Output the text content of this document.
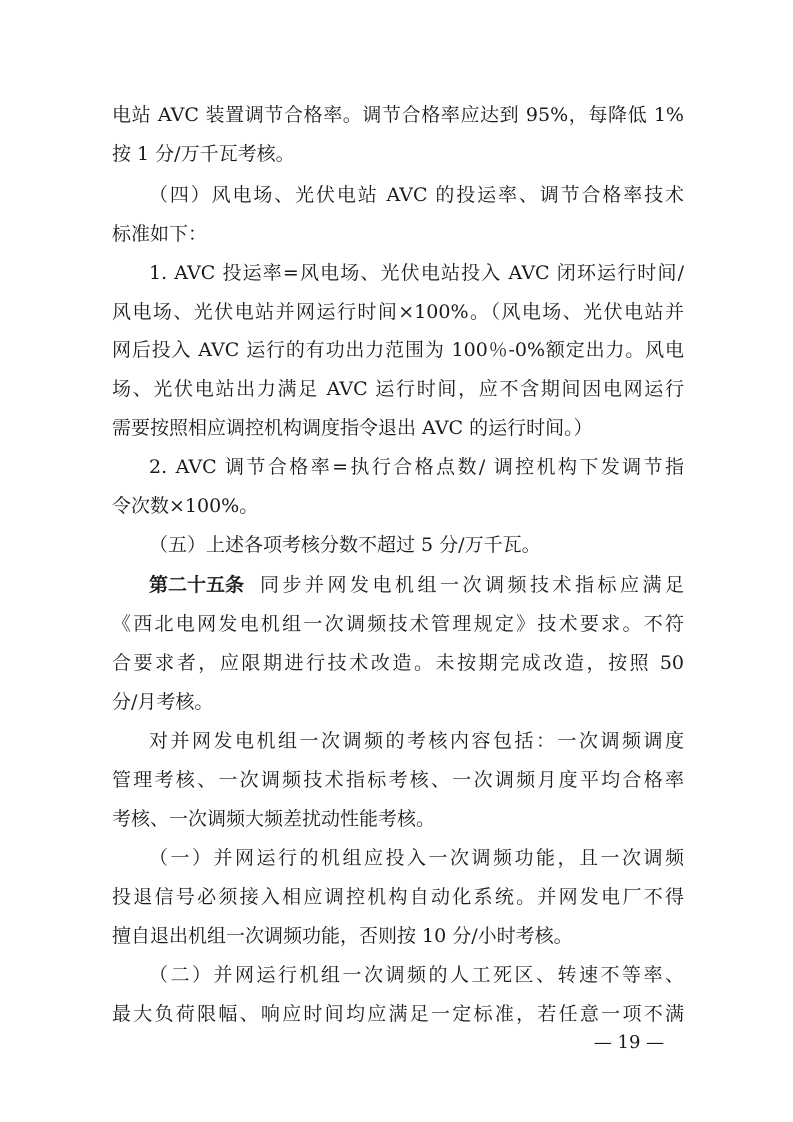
电站 AVC 装置调节合格率。调节合格率应达到 95%，每降低 1%
按 1 分/万千瓦考核。
（四）风电场、光伏电站 AVC 的投运率、调节合格率技术
标准如下：
1. AVC 投运率=风电场、光伏电站投入 AVC 闭环运行时间/
风电场、光伏电站并网运行时间×100%。（风电场、光伏电站并
网后投入 AVC 运行的有功出力范围为 100％-0%额定出力。风电
场、光伏电站出力满足 AVC 运行时间，应不含期间因电网运行
需要按照相应调控机构调度指令退出 AVC 的运行时间。）
2. AVC 调节合格率=执行合格点数/ 调控机构下发调节指
令次数×100%。
（五）上述各项考核分数不超过 5 分/万千瓦。
第二十五条 同步并网发电机组一次调频技术指标应满足
《西北电网发电机组一次调频技术管理规定》技术要求。不符
合要求者，应限期进行技术改造。未按期完成改造，按照 50
分/月考核。
对并网发电机组一次调频的考核内容包括：一次调频调度
管理考核、一次调频技术指标考核、一次调频月度平均合格率
考核、一次调频大频差扰动性能考核。
（一）并网运行的机组应投入一次调频功能，且一次调频
投退信号必须接入相应调控机构自动化系统。并网发电厂不得
擅自退出机组一次调频功能，否则按 10 分/小时考核。
（二）并网运行机组一次调频的人工死区、转速不等率、
最大负荷限幅、响应时间均应满足一定标准，若任意一项不满
— 19 —
